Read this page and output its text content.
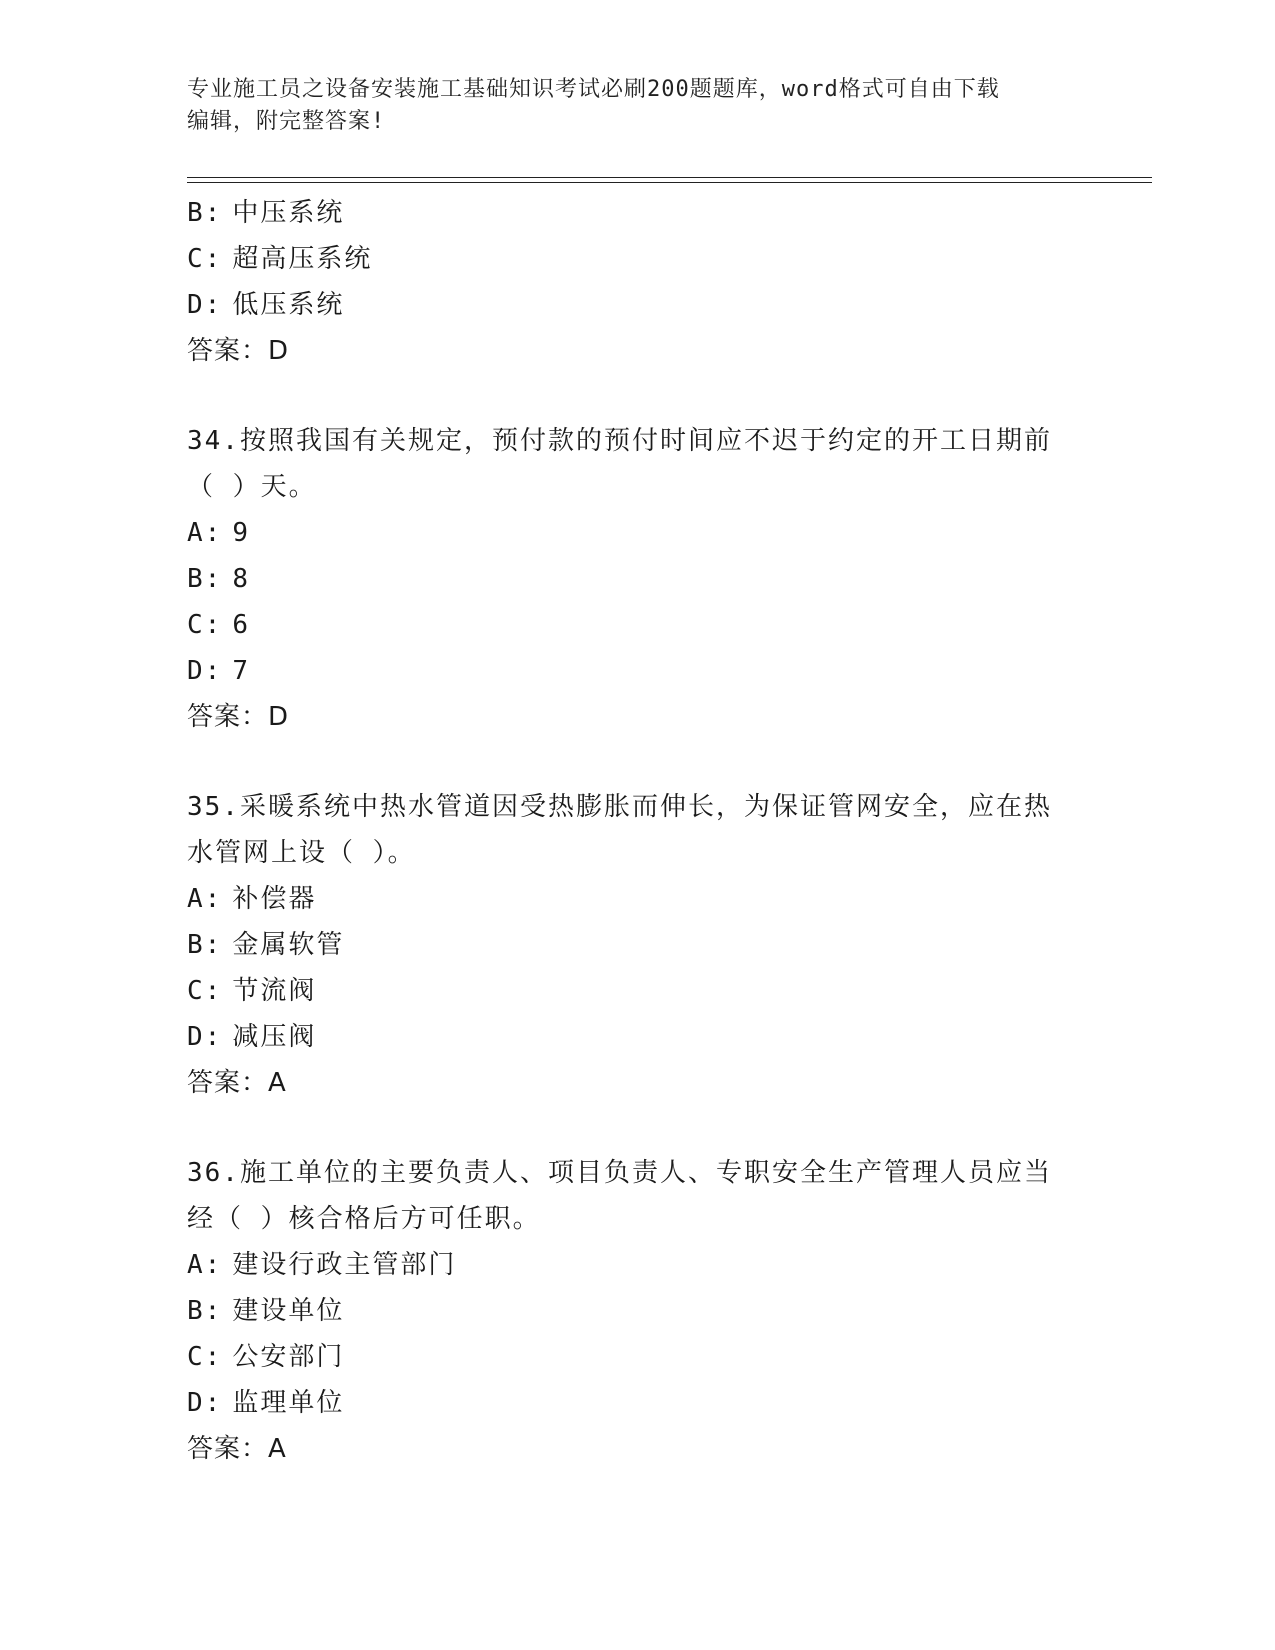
专业施工员之设备安装施工基础知识考试必刷200题题库，word格式可自由下载
编辑，附完整答案!
B: 中压系统
C: 超高压系统
D: 低压系统
答案：D
34.按照我国有关规定，预付款的预付时间应不迟于约定的开工日期前
（ ）天。
A: 9
B: 8
C: 6
D: 7
答案：D
35.采暖系统中热水管道因受热膨胀而伸长，为保证管网安全，应在热
水管网上设（ ）。
A: 补偿器
B: 金属软管
C: 节流阀
D: 减压阀
答案：A
36.施工单位的主要负责人、项目负责人、专职安全生产管理人员应当
经（ ）核合格后方可任职。
A: 建设行政主管部门
B: 建设单位
C: 公安部门
D: 监理单位
答案：A
